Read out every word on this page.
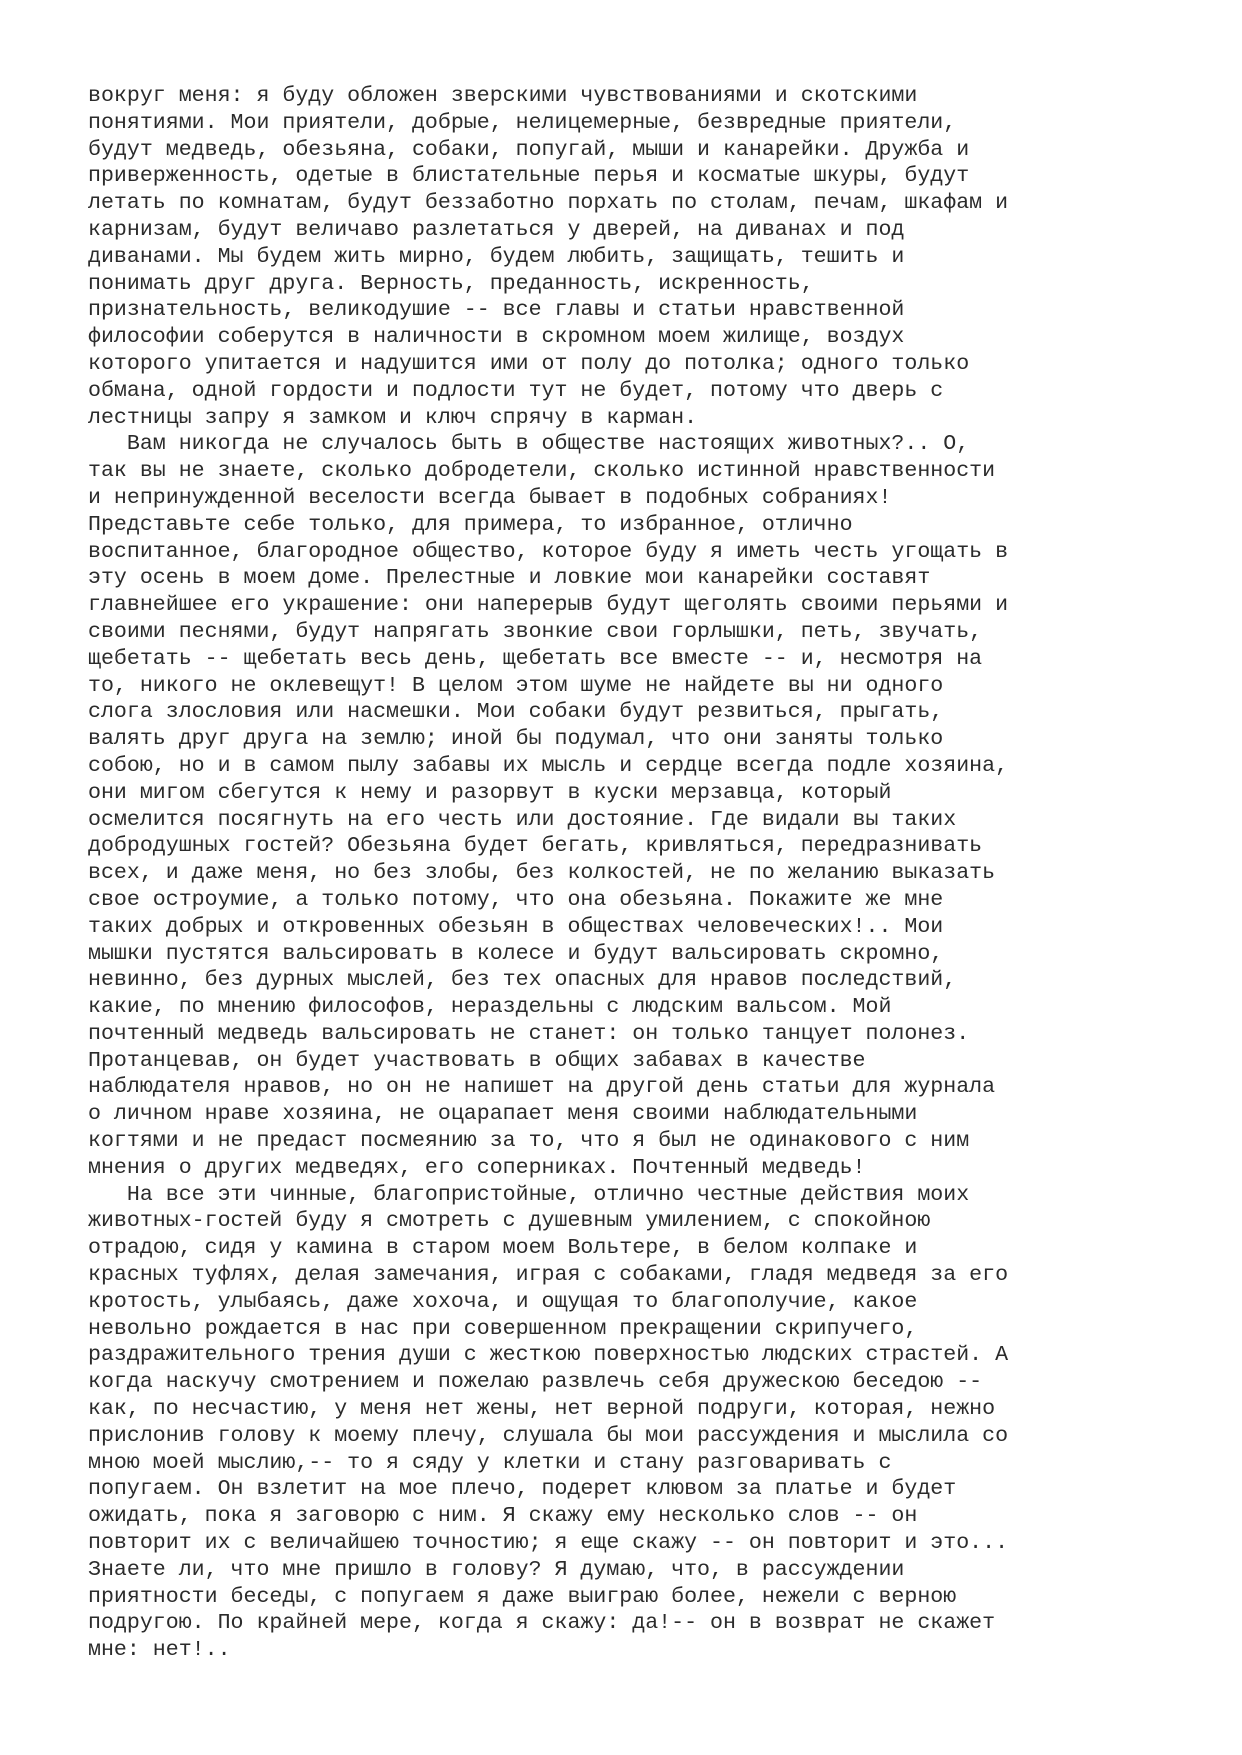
вокруг меня: я буду обложен зверскими чувствованиями и скотскими
понятиями. Мои приятели, добрые, нелицемерные, безвредные приятели,
будут медведь, обезьяна, собаки, попугай, мыши и канарейки. Дружба и
приверженность, одетые в блистательные перья и косматые шкуры, будут
летать по комнатам, будут беззаботно порхать по столам, печам, шкафам и
карнизам, будут величаво разлетаться у дверей, на диванах и под
диванами. Мы будем жить мирно, будем любить, защищать, тешить и
понимать друг друга. Верность, преданность, искренность,
признательность, великодушие -- все главы и статьи нравственной
философии соберутся в наличности в скромном моем жилище, воздух
которого упитается и надушится ими от полу до потолка; одного только
обмана, одной гордости и подлости тут не будет, потому что дверь с
лестницы запру я замком и ключ спрячу в карман.
Вам никогда не случалось быть в обществе настоящих животных?.. О,
так вы не знаете, сколько добродетели, сколько истинной нравственности
и непринужденной веселости всегда бывает в подобных собраниях!
Представьте себе только, для примера, то избранное, отлично
воспитанное, благородное общество, которое буду я иметь честь угощать в
эту осень в моем доме. Прелестные и ловкие мои канарейки составят
главнейшее его украшение: они наперерыв будут щеголять своими перьями и
своими песнями, будут напрягать звонкие свои горлышки, петь, звучать,
щебетать -- щебетать весь день, щебетать все вместе -- и, несмотря на
то, никого не оклевещут! В целом этом шуме не найдете вы ни одного
слога злословия или насмешки. Мои собаки будут резвиться, прыгать,
валять друг друга на землю; иной бы подумал, что они заняты только
собою, но и в самом пылу забавы их мысль и сердце всегда подле хозяина,
они мигом сбегутся к нему и разорвут в куски мерзавца, который
осмелится посягнуть на его честь или достояние. Где видали вы таких
добродушных гостей? Обезьяна будет бегать, кривляться, передразнивать
всех, и даже меня, но без злобы, без колкостей, не по желанию выказать
свое остроумие, а только потому, что она обезьяна. Покажите же мне
таких добрых и откровенных обезьян в обществах человеческих!.. Мои
мышки пустятся вальсировать в колесе и будут вальсировать скромно,
невинно, без дурных мыслей, без тех опасных для нравов последствий,
какие, по мнению философов, нераздельны с людским вальсом. Мой
почтенный медведь вальсировать не станет: он только танцует полонез.
Протанцевав, он будет участвовать в общих забавах в качестве
наблюдателя нравов, но он не напишет на другой день статьи для журнала
о личном нраве хозяина, не оцарапает меня своими наблюдательными
когтями и не предаст посмеянию за то, что я был не одинакового с ним
мнения о других медведях, его соперниках. Почтенный медведь!
На все эти чинные, благопристойные, отлично честные действия моих
животных-гостей буду я смотреть с душевным умилением, с спокойною
отрадою, сидя у камина в старом моем Вольтере, в белом колпаке и
красных туфлях, делая замечания, играя с собаками, гладя медведя за его
кротость, улыбаясь, даже хохоча, и ощущая то благополучие, какое
невольно рождается в нас при совершенном прекращении скрипучего,
раздражительного трения души с жесткою поверхностью людских страстей. А
когда наскучу смотрением и пожелаю развлечь себя дружескою беседою --
как, по несчастию, у меня нет жены, нет верной подруги, которая, нежно
прислонив голову к моему плечу, слушала бы мои рассуждения и мыслила со
мною моей мыслию,-- то я сяду у клетки и стану разговаривать с
попугаем. Он взлетит на мое плечо, подерет клювом за платье и будет
ожидать, пока я заговорю с ним. Я скажу ему несколько слов -- он
повторит их с величайшею точностию; я еще скажу -- он повторит и это...
Знаете ли, что мне пришло в голову? Я думаю, что, в рассуждении
приятности беседы, с попугаем я даже выиграю более, нежели с верною
подругою. По крайней мере, когда я скажу: да!-- он в возврат не скажет
мне: нет!..
